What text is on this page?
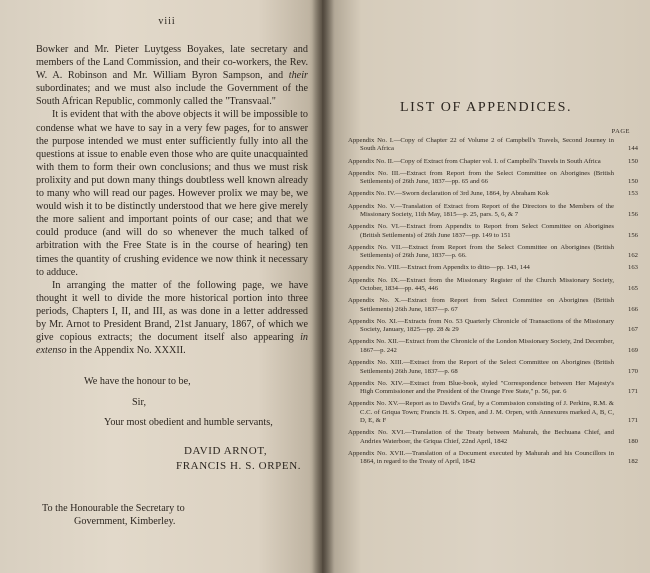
viii

Bowker and Mr. Pieter Luytgess Boyakes, late secretary and members of the Land Commission, and their co-workers, the Rev. W. A. Robinson and Mr. William Byron Sampson, and their subordinates; and we must also include the Government of the South African Republic, commonly called the "Transvaal."

It is evident that with the above objects it will be impossible to condense what we have to say in a very few pages, for to answer the purpose intended we must enter sufficiently fully into all the questions at issue to enable even those who are quite unacquainted with them to form their own conclusions; and thus we must risk prolixity and put down many things doubtless well known already to many who will read our pages. However prolix we may be, we would wish it to be distinctly understood that we here give merely the more salient and important points of our case; and that we could produce (and will do so whenever the much talked of arbitration with the Free State is in the course of hearing) ten times the quantity of crushing evidence we now think it necessary to adduce.

In arranging the matter of the following page, we have thought it well to divide the more historical portion into three periods, Chapters I, II, and III, as was done in a letter addressed by Mr. Arnot to President Brand, 21st January, 1867, of which we give copious extracts; the document itself also appearing in extenso in the Appendix No. XXXII.

We have the honour to be,
Sir,
Your most obedient and humble servants,
DAVID ARNOT,
FRANCIS H. S. ORPEN.
To the Honourable the Secretary to
Government, Kimberley.
LIST OF APPENDICES.
PAGE
Appendix No. I.—Copy of Chapter 22 of Volume 2 of Campbell's Travels, Second Journey in South Africa	144
Appendix No. II.—Copy of Extract from Chapter vol. I. of Campbell's Travels in South Africa	150
Appendix No. III.—Extract from Report from the Select Committee on Aborigines (British Settlements) of 26th June, 1837—pp. 65 and 66	150
Appendix No. IV.—Sworn declaration of 3rd June, 1864, by Abraham Kok	153
Appendix No. V.—Translation of Extract from Report of the Directors to the Members of the Missionary Society, 11th May, 1815—p. 25, pars. 5, 6, & 7	156
Appendix No. VI.—Extract from Appendix to Report from Select Committee on Aborigines (British Settlements) of 26th June 1837—pp. 149 to 151	156
Appendix No. VII.—Extract from Report from the Select Committee on Aborigines (British Settlements) of 26th June, 1837—p. 66.	162
Appendix No. VIII.—Extract from Appendix to ditto—pp. 143, 144	163
Appendix No. IX.—Extract from the Missionary Register of the Church Missionary Society, October, 1834—pp. 445, 446	165
Appendix No. X.—Extract from Report from Select Committee on Aborigines (British Settlements) 26th June, 1837—p. 67	166
Appendix No. XI.—Extracts from No. 53 Quarterly Chronicle of Transactions of the Missionary Society, January, 1825—pp. 28 & 29	167
Appendix No. XII.—Extract from the Chronicle of the London Missionary Society, 2nd December, 1867—p. 242	169
Appendix No. XIII.—Extract from the Report of the Select Committee on Aborigines (British Settlements) 26th June, 1837—p. 68	170
Appendix No. XIV.—Extract from Blue-book, styled "Correspondence between Her Majesty's High Commissioner and the President of the Orange Free State," p. 56, par. 6	171
Appendix No. XV.—Report as to David's Graf, by a Commission consisting of J. Perkins, R.M. & C.C. of Griqua Town; Francis H. S. Orpen, and J. M. Orpen, with Annexures marked A, B, C, D, E, & F	171
Appendix No. XVI.—Translation of the Treaty between Mahurah, the Bechuana Chief, and Andries Waterboer, the Griqua Chief, 22nd April, 1842	180
Appendix No. XVII.—Translation of a Document executed by Mahurah and his Councillors in 1864, in regard to the Treaty of April, 1842	182
